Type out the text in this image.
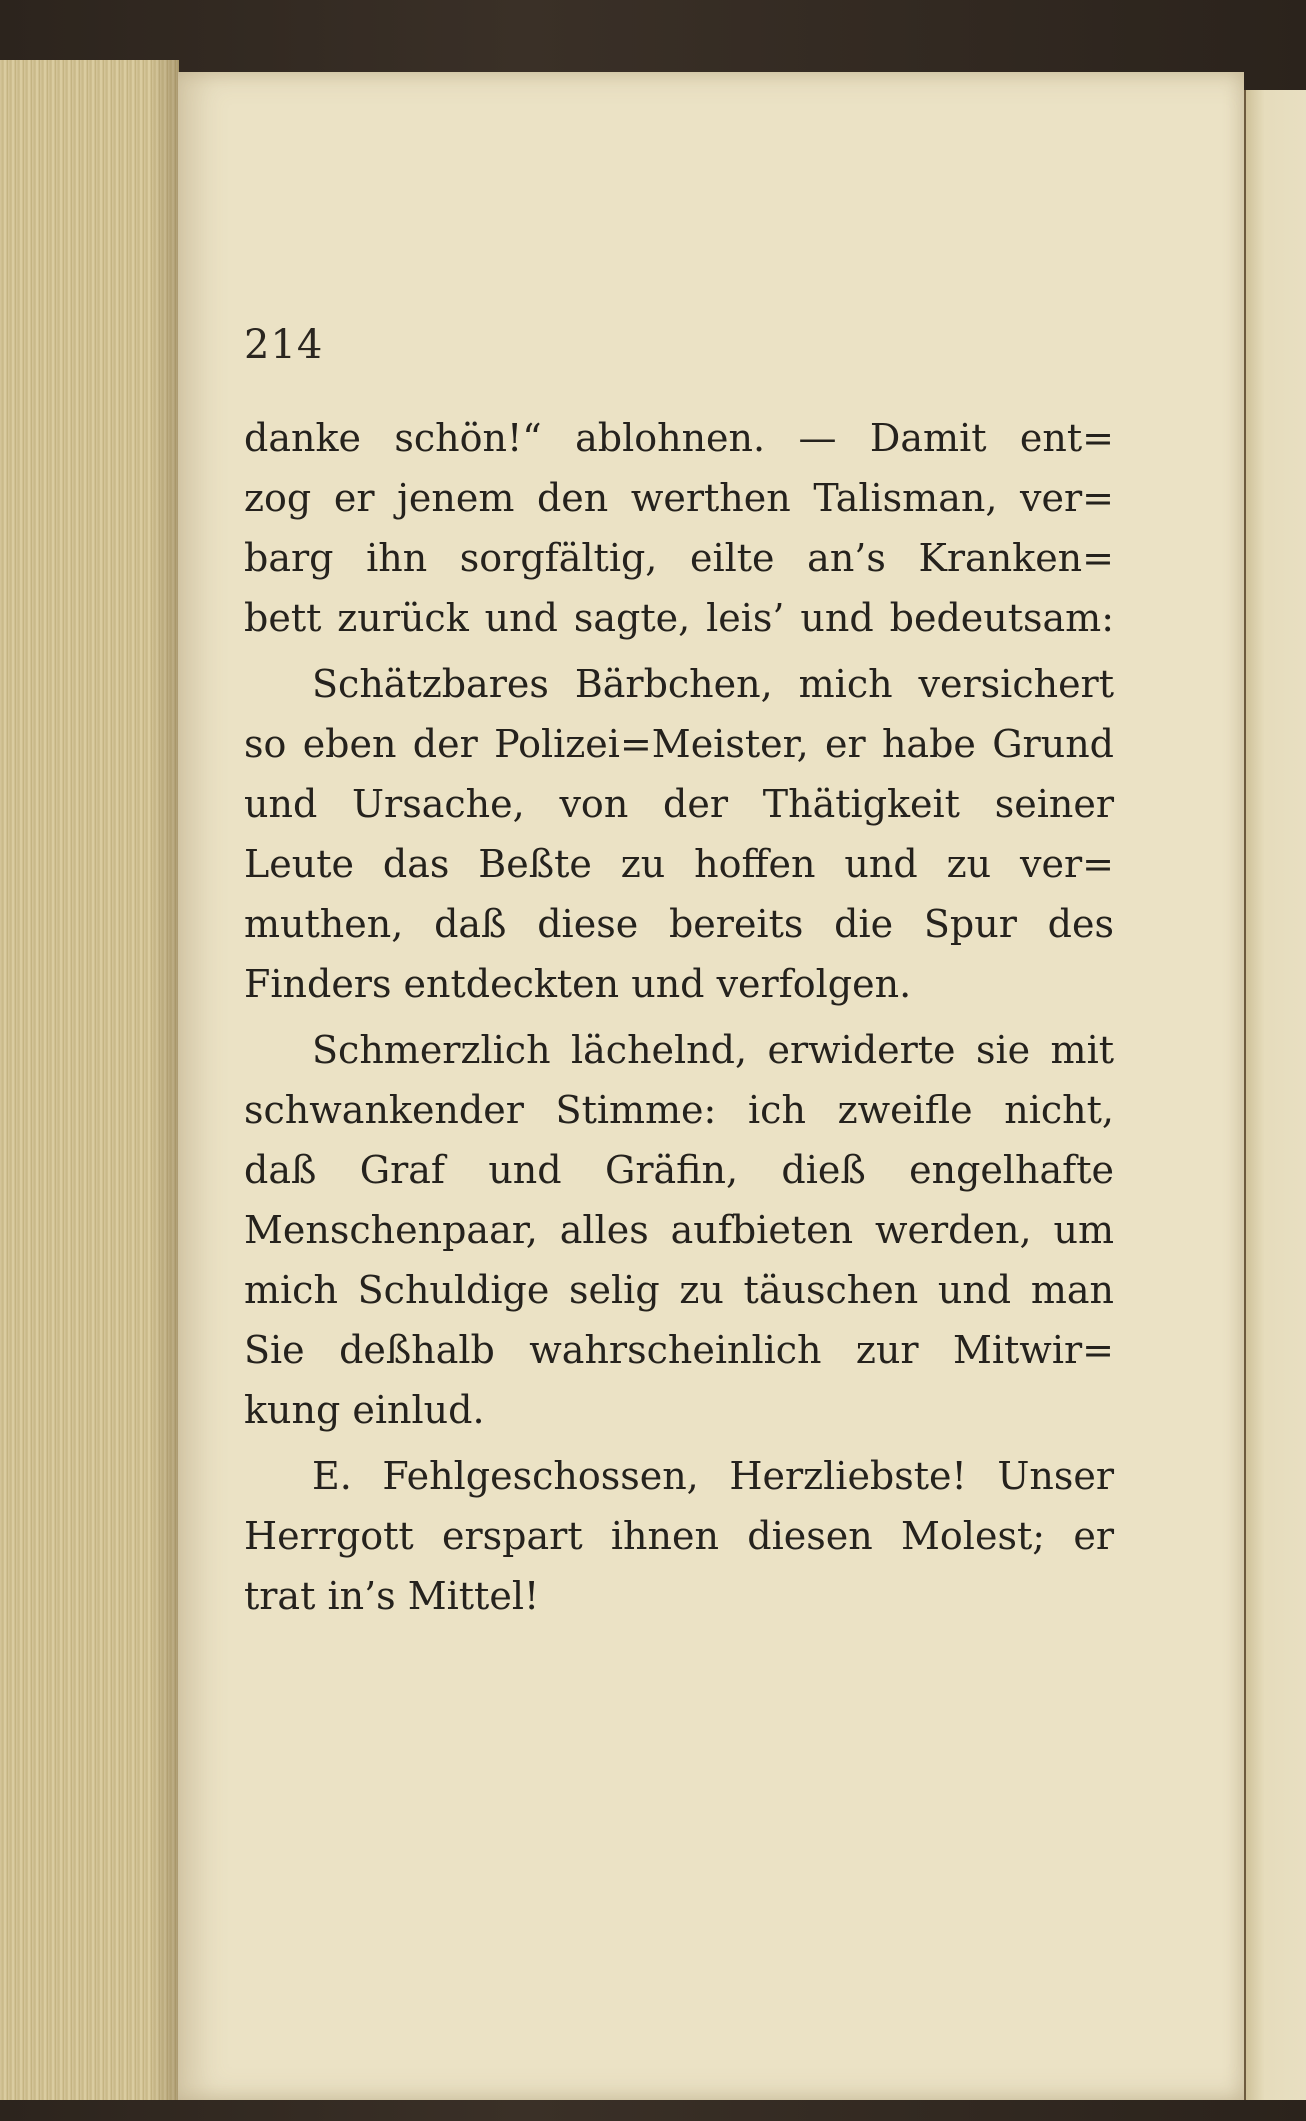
214
danke schön!“ ablohnen. — Damit ent=
zog er jenem den werthen Talisman, ver=
barg ihn sorgfältig, eilte an’s Kranken=
bett zurück und sagte, leis’ und bedeutsam:
Schätzbares Bärbchen, mich versichert
so eben der Polizei=Meister, er habe Grund
und Ursache, von der Thätigkeit seiner
Leute das Beßte zu hoffen und zu ver=
muthen, daß diese bereits die Spur des
Finders entdeckten und verfolgen.
Schmerzlich lächelnd, erwiderte sie mit
schwankender Stimme: ich zweifle nicht,
daß Graf und Gräfin, dieß engelhafte
Menschenpaar, alles aufbieten werden, um
mich Schuldige selig zu täuschen und man
Sie deßhalb wahrscheinlich zur Mitwir=
kung einlud.
E. Fehlgeschossen, Herzliebste! Unser
Herrgott erspart ihnen diesen Molest; er
trat in’s Mittel!
